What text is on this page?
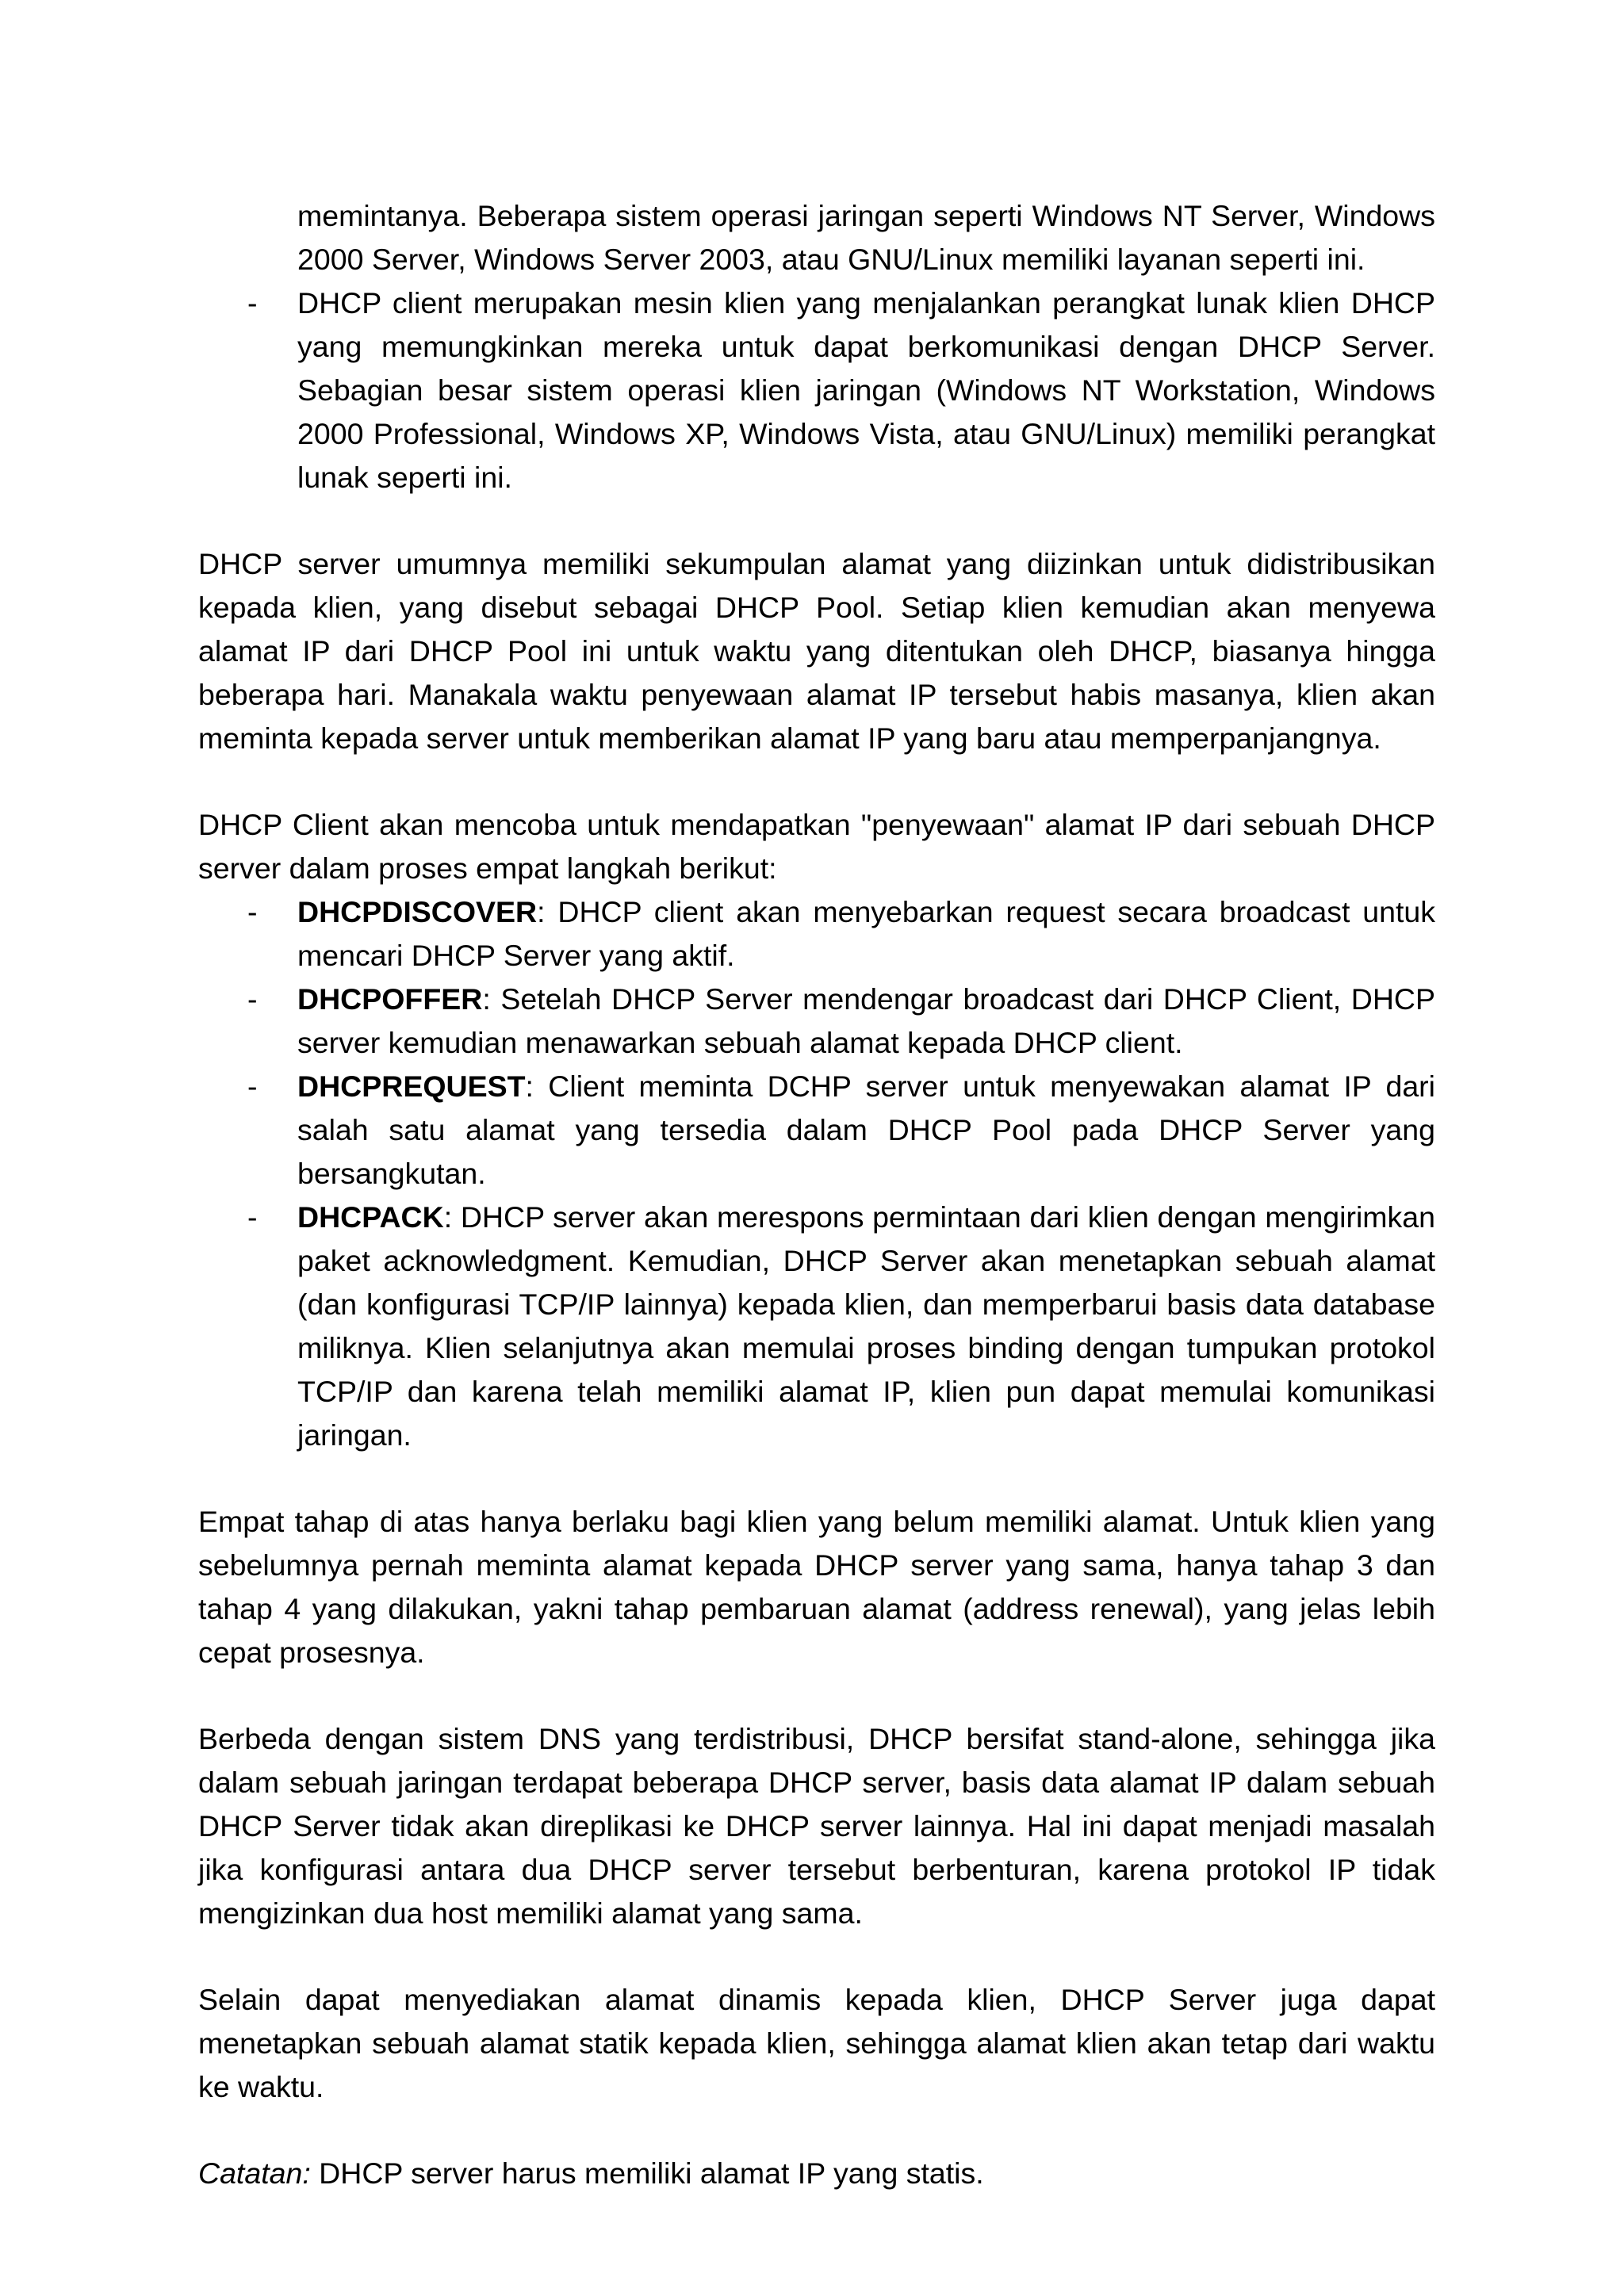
memintanya. Beberapa sistem operasi jaringan seperti Windows NT Server, Windows 2000 Server, Windows Server 2003, atau GNU/Linux memiliki layanan seperti ini.
- DHCP client merupakan mesin klien yang menjalankan perangkat lunak klien DHCP yang memungkinkan mereka untuk dapat berkomunikasi dengan DHCP Server. Sebagian besar sistem operasi klien jaringan (Windows NT Workstation, Windows 2000 Professional, Windows XP, Windows Vista, atau GNU/Linux) memiliki perangkat lunak seperti ini.

DHCP server umumnya memiliki sekumpulan alamat yang diizinkan untuk didistribusikan kepada klien, yang disebut sebagai DHCP Pool. Setiap klien kemudian akan menyewa alamat IP dari DHCP Pool ini untuk waktu yang ditentukan oleh DHCP, biasanya hingga beberapa hari. Manakala waktu penyewaan alamat IP tersebut habis masanya, klien akan meminta kepada server untuk memberikan alamat IP yang baru atau memperpanjangnya.

DHCP Client akan mencoba untuk mendapatkan "penyewaan" alamat IP dari sebuah DHCP server dalam proses empat langkah berikut:
- DHCPDISCOVER: DHCP client akan menyebarkan request secara broadcast untuk mencari DHCP Server yang aktif.
- DHCPOFFER: Setelah DHCP Server mendengar broadcast dari DHCP Client, DHCP server kemudian menawarkan sebuah alamat kepada DHCP client.
- DHCPREQUEST: Client meminta DCHP server untuk menyewakan alamat IP dari salah satu alamat yang tersedia dalam DHCP Pool pada DHCP Server yang bersangkutan.
- DHCPACK: DHCP server akan merespons permintaan dari klien dengan mengirimkan paket acknowledgment. Kemudian, DHCP Server akan menetapkan sebuah alamat (dan konfigurasi TCP/IP lainnya) kepada klien, dan memperbarui basis data database miliknya. Klien selanjutnya akan memulai proses binding dengan tumpukan protokol TCP/IP dan karena telah memiliki alamat IP, klien pun dapat memulai komunikasi jaringan.

Empat tahap di atas hanya berlaku bagi klien yang belum memiliki alamat. Untuk klien yang sebelumnya pernah meminta alamat kepada DHCP server yang sama, hanya tahap 3 dan tahap 4 yang dilakukan, yakni tahap pembaruan alamat (address renewal), yang jelas lebih cepat prosesnya.

Berbeda dengan sistem DNS yang terdistribusi, DHCP bersifat stand-alone, sehingga jika dalam sebuah jaringan terdapat beberapa DHCP server, basis data alamat IP dalam sebuah DHCP Server tidak akan direplikasi ke DHCP server lainnya. Hal ini dapat menjadi masalah jika konfigurasi antara dua DHCP server tersebut berbenturan, karena protokol IP tidak mengizinkan dua host memiliki alamat yang sama.

Selain dapat menyediakan alamat dinamis kepada klien, DHCP Server juga dapat menetapkan sebuah alamat statik kepada klien, sehingga alamat klien akan tetap dari waktu ke waktu.

Catatan: DHCP server harus memiliki alamat IP yang statis.
